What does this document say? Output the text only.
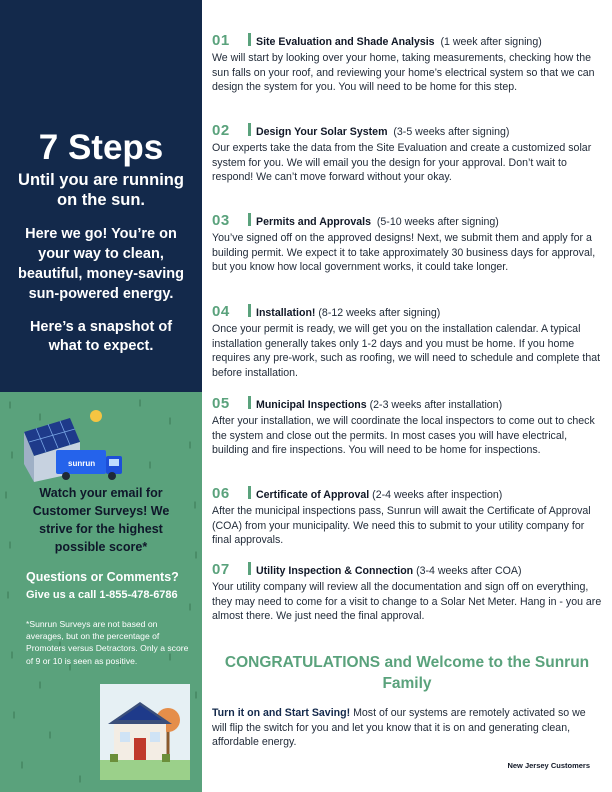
7 Steps
Until you are running on the sun.
Here we go! You’re on your way to clean, beautiful, money-saving sun-powered energy.
Here’s a snapshot of what to expect.
sunrun
Watch your email for Customer Surveys! We strive for the highest possible score*
Questions or Comments?
Give us a call 1-855-478-6786
*Sunrun Surveys are not based on averages, but on the percentage of Promoters versus Detractors. Only a score of 9 or 10 is seen as positive.
01 Site Evaluation and Shade Analysis (1 week after signing)
We will start by looking over your home, taking measurements, checking how the sun falls on your roof, and reviewing your home’s electrical system so that we can design the system for you. You will need to be home for this step.
02 Design Your Solar System (3-5 weeks after signing)
Our experts take the data from the Site Evaluation and create a customized solar system for you. We will email you the design for your approval. Don’t wait to respond! We can’t move forward without your okay.
03 Permits and Approvals (5-10 weeks after signing)
You’ve signed off on the approved designs! Next, we submit them and apply for a building permit. We expect it to take approximately 30 business days for approval, but you know how local government works, it could take longer.
04 Installation! (8-12 weeks after signing)
Once your permit is ready, we will get you on the installation calendar. A typical installation generally takes only 1-2 days and you must be home. If you home requires any pre-work, such as roofing, we will need to schedule and complete that before installation.
05 Municipal Inspections (2-3 weeks after installation)
After your installation, we will coordinate the local inspectors to come out to check the system and close out the permits. In most cases you will have electrical, building and fire inspections. You will need to be home for inspections.
06 Certificate of Approval (2-4 weeks after inspection)
After the municipal inspections pass, Sunrun will await the Certificate of Approval (COA) from your municipality. We need this to submit to your utility company for final approvals.
07 Utility Inspection & Connection (3-4 weeks after COA)
Your utility company will review all the documentation and sign off on everything, they may need to come for a visit to change to a Solar Net Meter. Hang in - you are almost there. We just need the final approval.
CONGRATULATIONS and Welcome to the Sunrun Family
Turn it on and Start Saving! Most of our systems are remotely activated so we will flip the switch for you and let you know that it is on and generating clean, affordable energy.
New Jersey Customers
